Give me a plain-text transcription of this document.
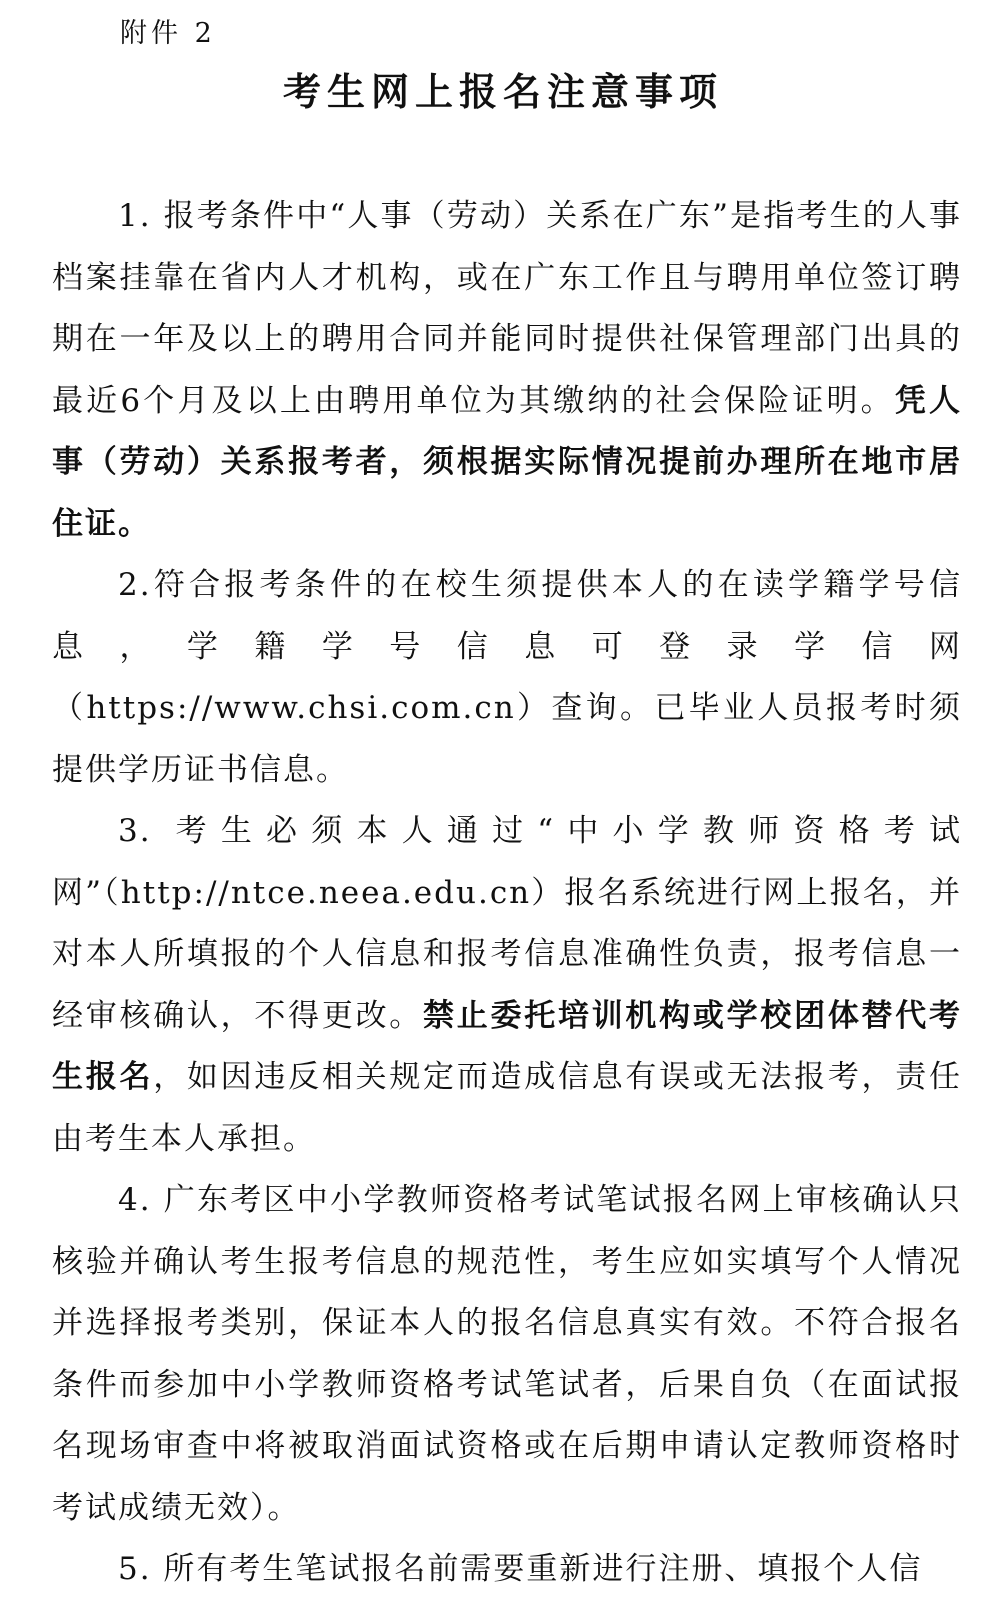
附件 2
考生网上报名注意事项

1. 报考条件中“人事（劳动）关系在广东”是指考生的人事档案挂靠在省内人才机构，或在广东工作且与聘用单位签订聘期在一年及以上的聘用合同并能同时提供社保管理部门出具的最近6个月及以上由聘用单位为其缴纳的社会保险证明。凭人事（劳动）关系报考者，须根据实际情况提前办理所在地市居住证。

2.符合报考条件的在校生须提供本人的在读学籍学号信息，学籍学号信息可登录学信网（https://www.chsi.com.cn）查询。已毕业人员报考时须提供学历证书信息。

3. 考生必须本人通过“中小学教师资格考试网”（http://ntce.neea.edu.cn）报名系统进行网上报名，并对本人所填报的个人信息和报考信息准确性负责，报考信息一经审核确认，不得更改。禁止委托培训机构或学校团体替代考生报名，如因违反相关规定而造成信息有误或无法报考，责任由考生本人承担。

4. 广东考区中小学教师资格考试笔试报名网上审核确认只核验并确认考生报考信息的规范性，考生应如实填写个人情况并选择报考类别，保证本人的报名信息真实有效。不符合报名条件而参加中小学教师资格考试笔试者，后果自负（在面试报名现场审查中将被取消面试资格或在后期申请认定教师资格时考试成绩无效）。

5. 所有考生笔试报名前需要重新进行注册、填报个人信
